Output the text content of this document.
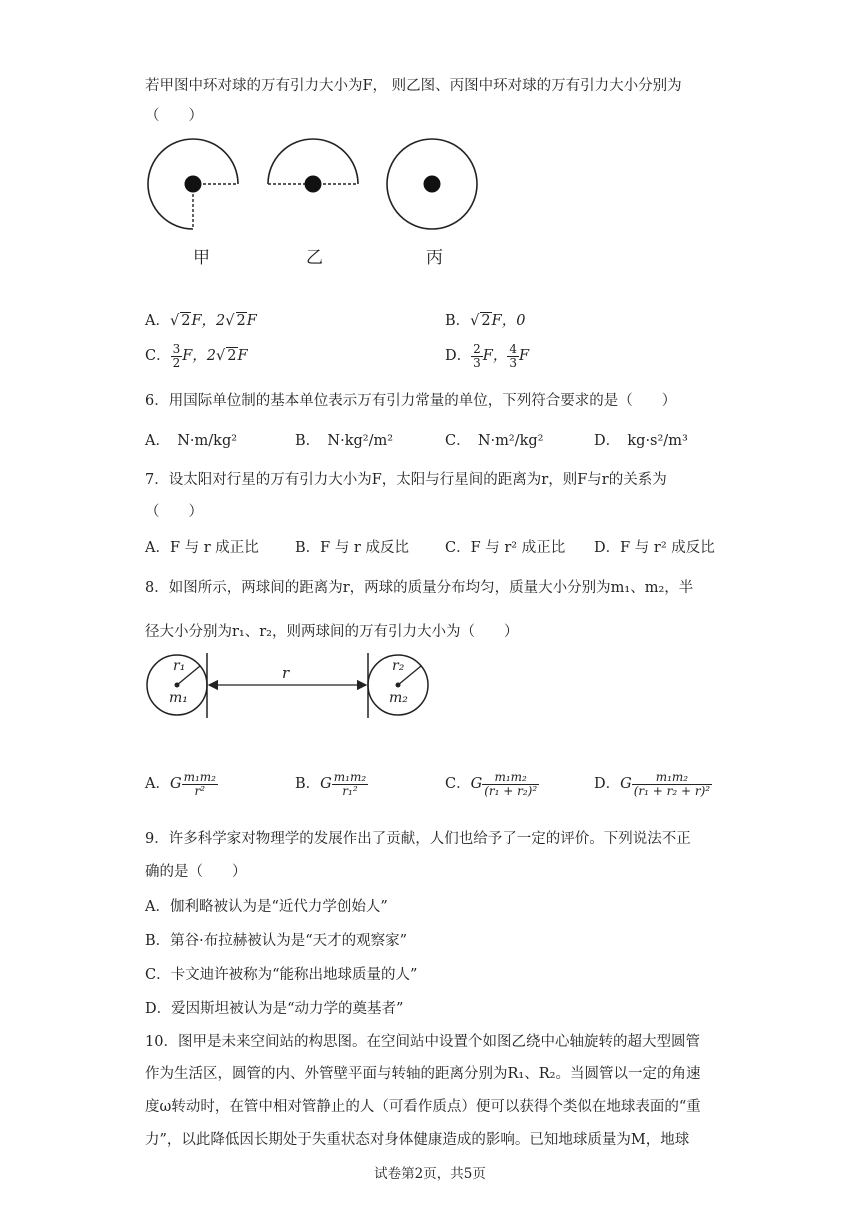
若甲图中环对球的万有引力大小为F， 则乙图、丙图中环对球的万有引力大小分别为
（　　）
甲	乙	丙
A．√ 2F，2√ 2F	B．√ 2F，0
C． $\frac{3}{2}$ F，2√ 2F	D． $\frac{2}{3}$ F， $\frac{4}{3}$ F
6．用国际单位制的基本单位表示万有引力常量的单位，下列符合要求的是（　　）
A．　N·m/kg²	B．　N·kg²/m²	C．　N·m²/kg²	D．　kg·s²/m³
7．设太阳对行星的万有引力大小为F，太阳与行星间的距离为r，则F与r的关系为
（　　）
A．F 与 r 成正比 B．F 与 r 成反比 C．F 与 r² 成正比 D．F 与 r² 成反比
8．如图所示，两球间的距离为r，两球的质量分布均匀，质量大小分别为m₁、m₂，半
径大小分别为r₁、r₂，则两球间的万有引力大小为（　　）
r₁
m₁
r	r₂
m₂
A．G $\frac{\text{m₁m₂}}{\text{r²}}$	B．G $\frac{\text{m₁m₂}}{\text{r₁²}}$	C．G $\frac{\text{m₁m₂}}{\text{(r₁ + r₂)²}}$	D．G $\frac{\text{m₁m₂}}{\text{(r₁ + r₂ + r)²}}$
9．许多科学家对物理学的发展作出了贡献，人们也给予了一定的评价。下列说法不正
确的是（　　）
A．伽利略被认为是“近代力学创始人”
B．第谷·布拉赫被认为是“天才的观察家”
C．卡文迪许被称为“能称出地球质量的人”
D．爱因斯坦被认为是“动力学的奠基者”
10．图甲是未来空间站的构思图。在空间站中设置个如图乙绕中心轴旋转的超大型圆管
作为生活区，圆管的内、外管壁平面与转轴的距离分别为R₁、R₂。当圆管以一定的角速
度ω转动时，在管中相对管静止的人（可看作质点）便可以获得个类似在地球表面的“重
力”，以此降低因长期处于失重状态对身体健康造成的影响。已知地球质量为M，地球
试卷第2页，共5页
